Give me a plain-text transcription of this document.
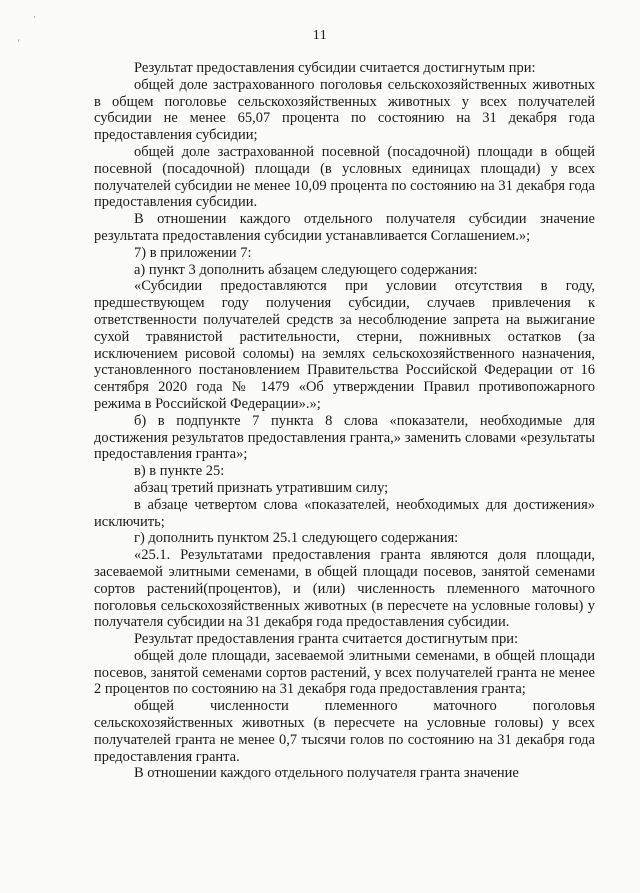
·
'	11

Результат предоставления субсидии считается достигнутым при:

общей доле застрахованного поголовья сельскохозяйственных животных в общем поголовье сельскохозяйственных животных у всех получателей субсидии не менее 65,07 процента по состоянию на 31 декабря года предоставления субсидии;

общей доле застрахованной посевной (посадочной) площади в общей посевной (посадочной) площади (в условных единицах площади) у всех получателей субсидии не менее 10,09 процента по состоянию на 31 декабря года предоставления субсидии.

В отношении каждого отдельного получателя субсидии значение результата предоставления субсидии устанавливается Соглашением.»;

7) в приложении 7:

а) пункт 3 дополнить абзацем следующего содержания:

«Субсидии предоставляются при условии отсутствия в году, предшествующем году получения субсидии, случаев привлечения к ответственности получателей средств за несоблюдение запрета на выжигание сухой травянистой растительности, стерни, пожнивных остатков (за исключением рисовой соломы) на землях сельскохозяйственного назначения, установленного постановлением Правительства Российской Федерации от 16 сентября 2020 года № 1479 «Об утверждении Правил противопожарного режима в Российской Федерации».»;

б) в подпункте 7 пункта 8 слова «показатели, необходимые для достижения результатов предоставления гранта,» заменить словами «результаты предоставления гранта»;

в) в пункте 25:

абзац третий признать утратившим силу;

в абзаце четвертом слова «показателей, необходимых для достижения» исключить;

г) дополнить пунктом 25.1 следующего содержания:

«25.1. Результатами предоставления гранта являются доля площади, засеваемой элитными семенами, в общей площади посевов, занятой семенами сортов растений(процентов), и (или) численность племенного маточного поголовья сельскохозяйственных животных (в пересчете на условные головы) у получателя субсидии на 31 декабря года предоставления субсидии.

Результат предоставления гранта считается достигнутым при:

общей доле площади, засеваемой элитными семенами, в общей площади посевов, занятой семенами сортов растений, у всех получателей гранта не менее 2 процентов по состоянию на 31 декабря года предоставления гранта;

общей численности племенного маточного поголовья сельскохозяйственных животных (в пересчете на условные головы) у всех получателей гранта не менее 0,7 тысячи голов по состоянию на 31 декабря года предоставления гранта.

В отношении каждого отдельного получателя гранта значение
